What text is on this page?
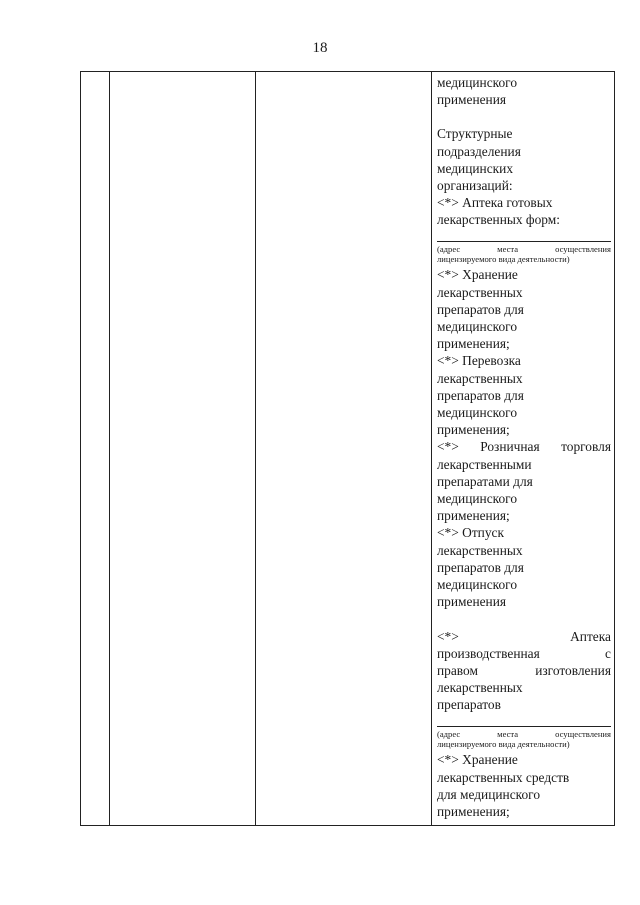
18

медицинского

применения

Структурные

подразделения

медицинских

организаций:

<*> Аптека готовых

лекарственных форм:

(адрес места осуществления
лицензируемого вида деятельности)

<*> Хранение

лекарственных

препаратов для

медицинского

применения;

<*> Перевозка

лекарственных

препаратов для

медицинского

применения;

<*> Розничная торговля

лекарственными

препаратами для

медицинского

применения;

<*> Отпуск

лекарственных

препаратов для

медицинского

применения

<*> Аптека

производственная с

правом изготовления

лекарственных

препаратов

(адрес места осуществления
лицензируемого вида деятельности)

<*> Хранение

лекарственных средств

для медицинского

применения;
